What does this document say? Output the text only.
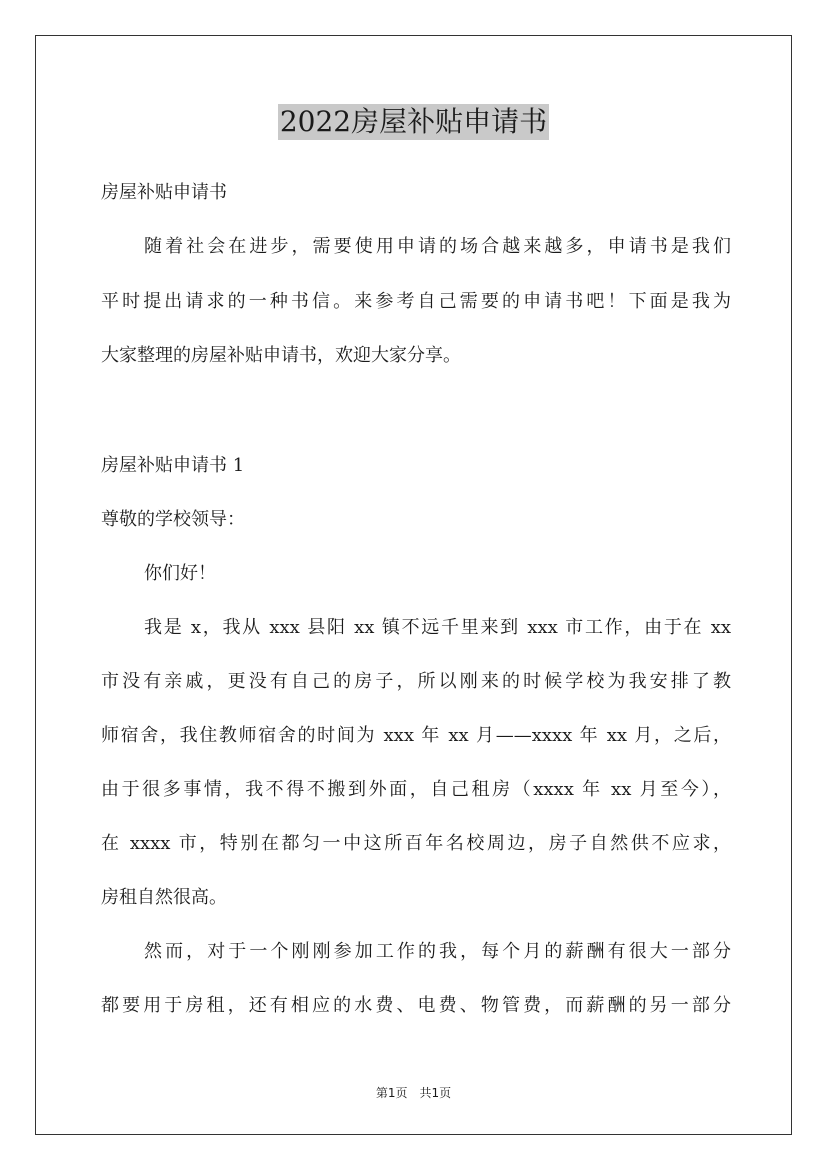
2022房屋补贴申请书
房屋补贴申请书
随着社会在进步，需要使用申请的场合越来越多，申请书是我们
平时提出请求的一种书信。来参考自己需要的申请书吧！下面是我为
大家整理的房屋补贴申请书，欢迎大家分享。
房屋补贴申请书 1
尊敬的学校领导：
你们好！
我是 x，我从 xxx 县阳 xx 镇不远千里来到 xxx 市工作，由于在 xx
市没有亲戚，更没有自己的房子，所以刚来的时候学校为我安排了教
师宿舍，我住教师宿舍的时间为 xxx 年 xx 月——xxxx 年 xx 月，之后，
由于很多事情，我不得不搬到外面，自己租房（xxxx 年 xx 月至今），
在 xxxx 市，特别在都匀一中这所百年名校周边，房子自然供不应求，
房租自然很高。
然而，对于一个刚刚参加工作的我，每个月的薪酬有很大一部分
都要用于房租，还有相应的水费、电费、物管费，而薪酬的另一部分
第1页　共1页
